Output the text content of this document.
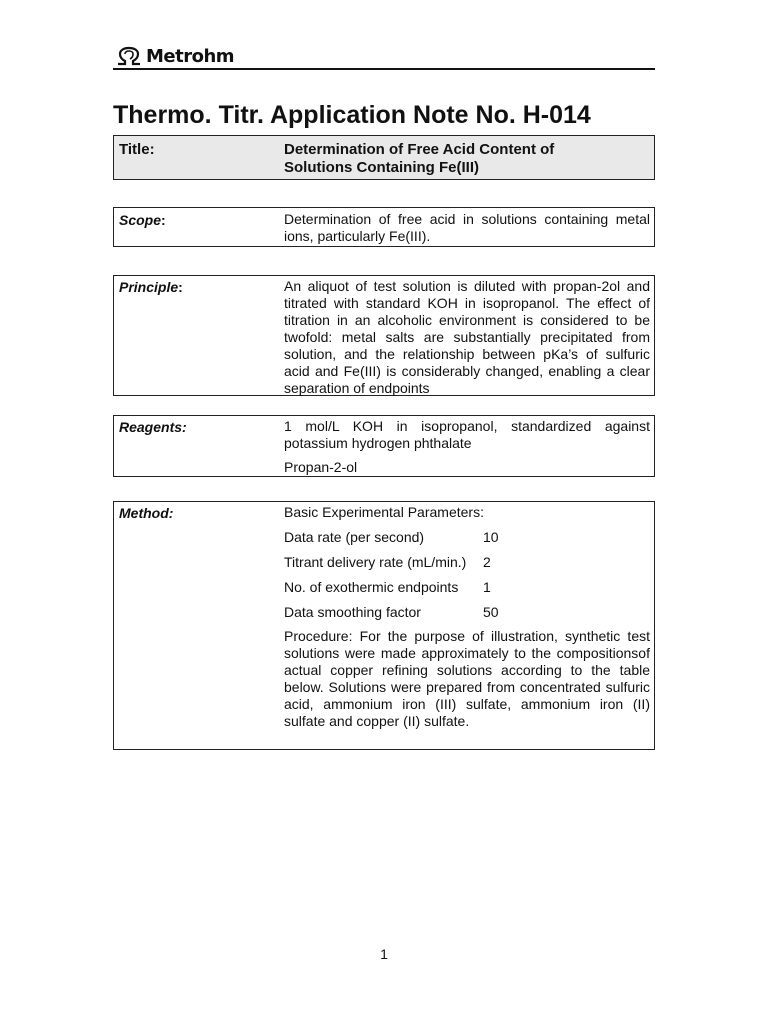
Metrohm
Thermo. Titr. Application Note No. H-014
Title:	Determination of Free Acid Content of
Solutions Containing Fe(III)
Scope:	Determination of free acid in solutions containing metal ions, particularly Fe(III).
Principle:	An aliquot of test solution is diluted with propan-2ol and titrated with standard KOH in isopropanol. The effect of titration in an alcoholic environment is considered to be twofold: metal salts are substantially precipitated from solution, and the relationship between pKa’s of sulfuric acid and Fe(III) is considerably changed, enabling a clear separation of endpoints
Reagents:	1 mol/L KOH in isopropanol, standardized against potassium hydrogen phthalate
Propan-2-ol
Method:	Basic Experimental Parameters:
Data rate (per second)	10
Titrant delivery rate (mL/min.)	2
No. of exothermic endpoints	1
Data smoothing factor	50
Procedure: For the purpose of illustration, synthetic test solutions were made approximately to the compositionsof actual copper refining solutions according to the table below. Solutions were prepared from concentrated sulfuric acid, ammonium iron (III) sulfate, ammonium iron (II) sulfate and copper (II) sulfate.
1
